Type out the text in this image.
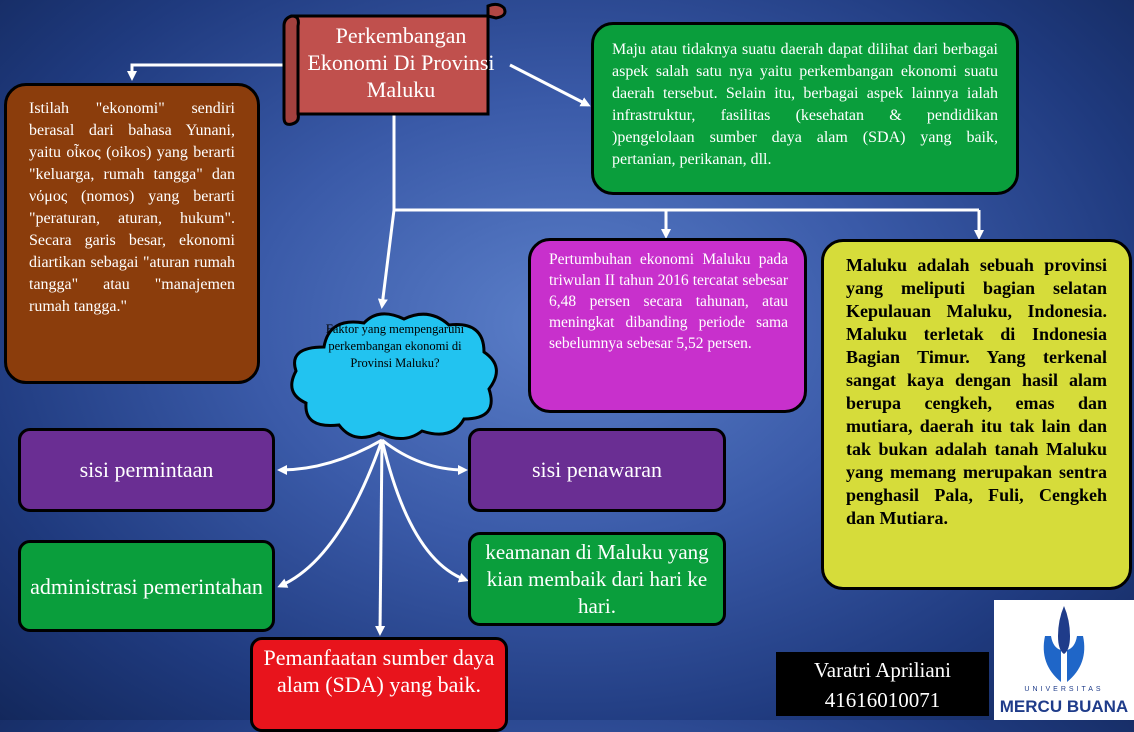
Perkembangan Ekonomi Di Provinsi Maluku
Istilah "ekonomi" sendiri berasal dari bahasa Yunani, yaitu οἶκος (oikos) yang berarti "keluarga, rumah tangga" dan νόμος (nomos) yang berarti "peraturan, aturan, hukum". Secara garis besar, ekonomi diartikan sebagai "aturan rumah tangga" atau "manajemen rumah tangga."
Maju atau tidaknya suatu daerah dapat dilihat dari berbagai aspek salah satu nya yaitu perkembangan ekonomi suatu daerah tersebut. Selain itu, berbagai aspek lainnya ialah infrastruktur, fasilitas (kesehatan & pendidikan )pengelolaan sumber daya alam (SDA) yang baik, pertanian, perikanan, dll.
Pertumbuhan ekonomi Maluku pada triwulan II tahun 2016 tercatat sebesar 6,48 persen secara tahunan, atau meningkat dibanding periode sama sebelumnya sebesar 5,52 persen.
Maluku adalah sebuah provinsi yang meliputi bagian selatan Kepulauan Maluku, Indonesia. Maluku terletak di Indonesia Bagian Timur. Yang terkenal sangat kaya dengan hasil alam berupa cengkeh, emas dan mutiara, daerah itu tak lain dan tak bukan adalah tanah Maluku yang memang merupakan sentra penghasil Pala, Fuli, Cengkeh dan Mutiara.
Faktor yang mempengaruhi perkembangan ekonomi di Provinsi Maluku?
sisi permintaan	sisi penawaran
administrasi pemerintahan
keamanan di Maluku yang kian membaik dari hari ke hari.
Pemanfaatan sumber daya alam (SDA) yang baik.
Varatri Apriliani
41616010071	UNIVERSITAS
MERCU BUANA
